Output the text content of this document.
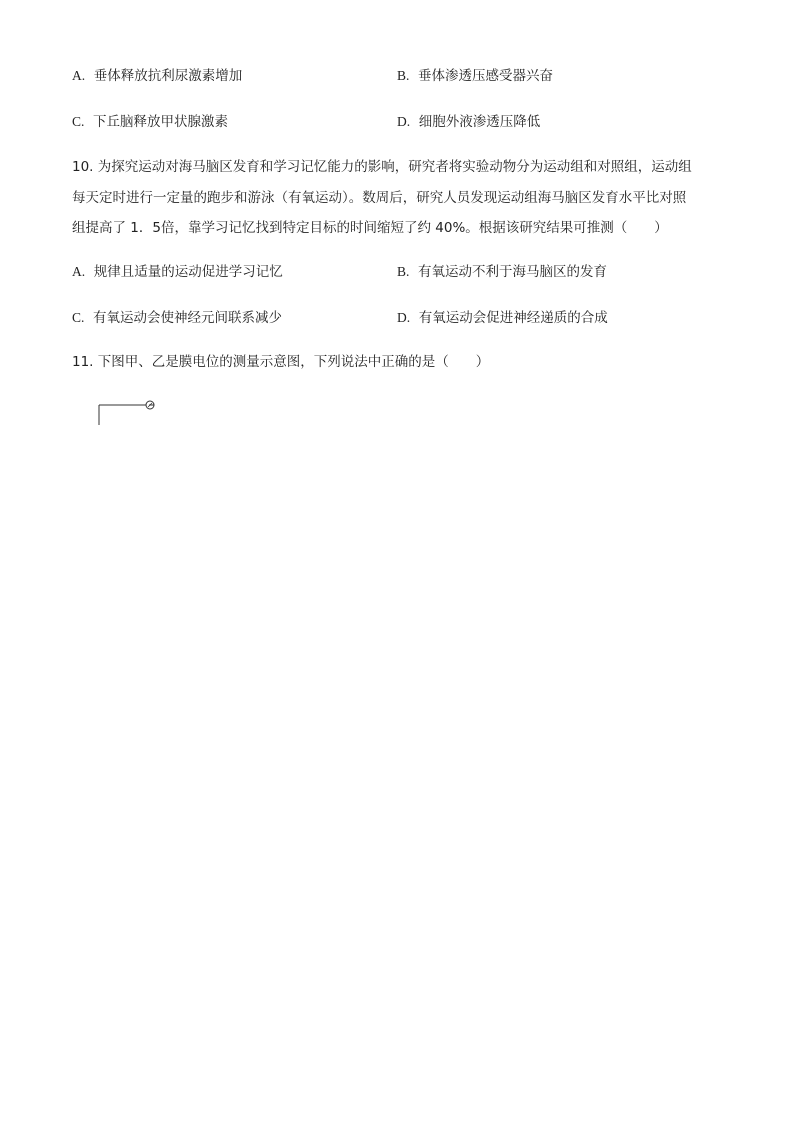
A. 垂体释放抗利尿激素增加	B. 垂体渗透压感受器兴奋
C. 下丘脑释放甲状腺激素	D. 细胞外液渗透压降低
10. 为探究运动对海马脑区发育和学习记忆能力的影响，研究者将实验动物分为运动组和对照组，运动组
每天定时进行一定量的跑步和游泳（有氧运动）。数周后，研究人员发现运动组海马脑区发育水平比对照
组提高了 1．5倍，靠学习记忆找到特定目标的时间缩短了约 40%。根据该研究结果可推测（　　）
A. 规律且适量的运动促进学习记忆	B. 有氧运动不利于海马脑区的发育
C. 有氧运动会使神经元间联系减少	D. 有氧运动会促进神经递质的合成
11. 下图甲、乙是膜电位的测量示意图，下列说法中正确的是（　　）
